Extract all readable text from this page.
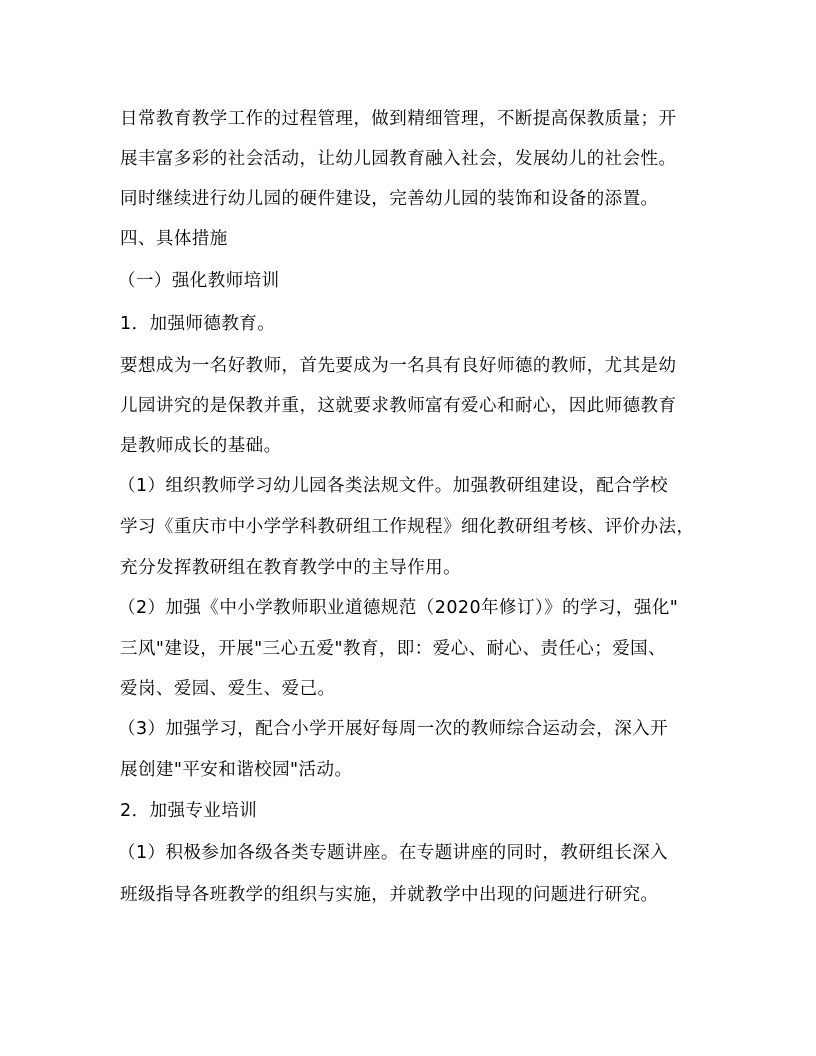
日常教育教学工作的过程管理，做到精细管理，不断提高保教质量；开
展丰富多彩的社会活动，让幼儿园教育融入社会，发展幼儿的社会性。
同时继续进行幼儿园的硬件建设，完善幼儿园的装饰和设备的添置。
四、具体措施
（一）强化教师培训
1．加强师德教育。
要想成为一名好教师，首先要成为一名具有良好师德的教师，尤其是幼
儿园讲究的是保教并重，这就要求教师富有爱心和耐心，因此师德教育
是教师成长的基础。
（1）组织教师学习幼儿园各类法规文件。加强教研组建设，配合学校
学习《重庆市中小学学科教研组工作规程》细化教研组考核、评价办法，
充分发挥教研组在教育教学中的主导作用。
（2）加强《中小学教师职业道德规范（2020年修订）》的学习，强化"
三风"建设，开展"三心五爱"教育，即：爱心、耐心、责任心；爱国、
爱岗、爱园、爱生、爱己。
（3）加强学习，配合小学开展好每周一次的教师综合运动会，深入开
展创建"平安和谐校园"活动。
2．加强专业培训
（1）积极参加各级各类专题讲座。在专题讲座的同时，教研组长深入
班级指导各班教学的组织与实施，并就教学中出现的问题进行研究。
